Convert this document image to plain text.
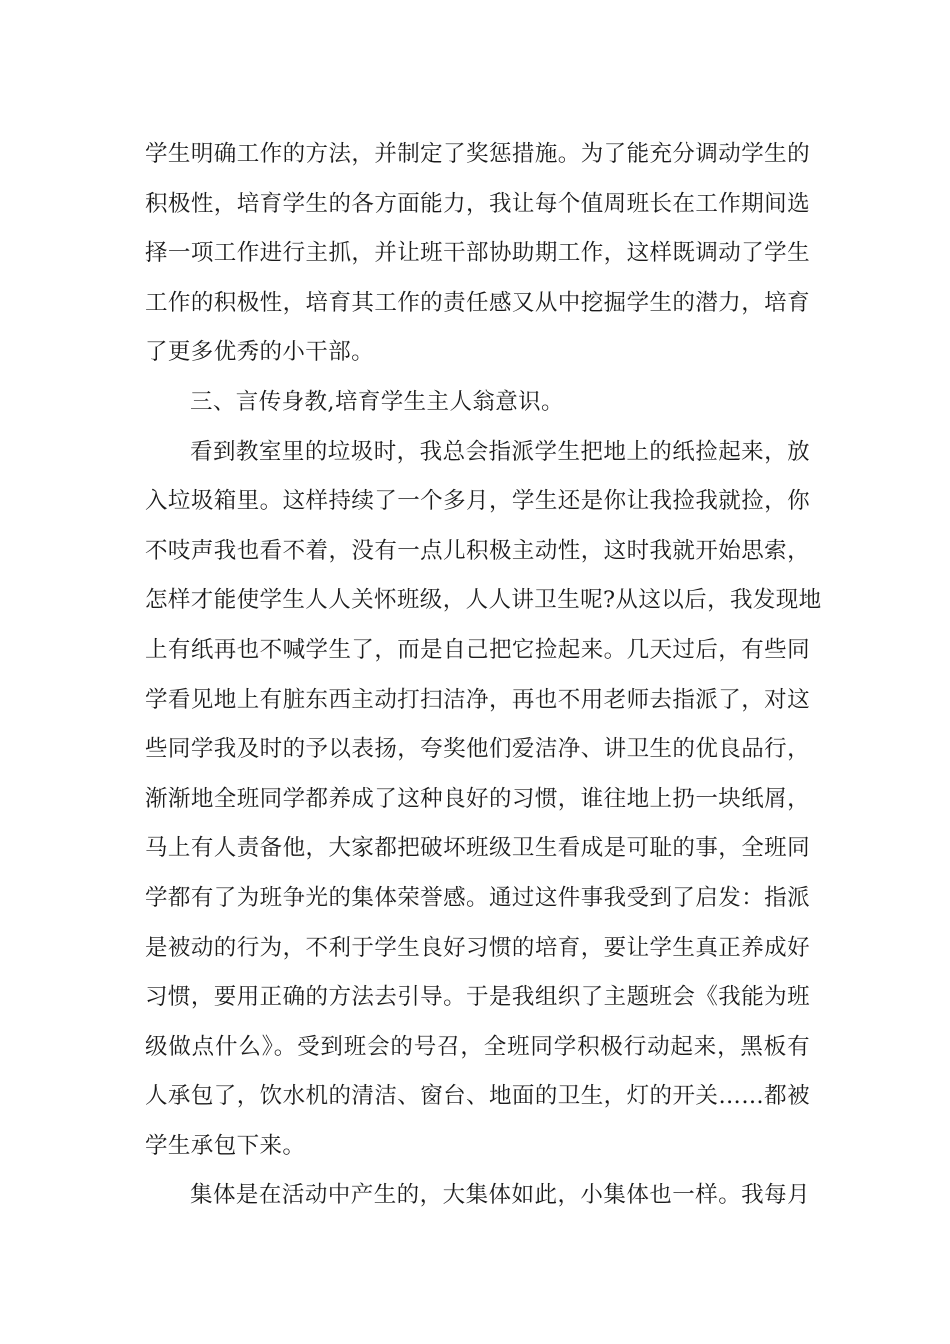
学生明确工作的方法，并制定了奖惩措施。为了能充分调动学生的
积极性，培育学生的各方面能力，我让每个值周班长在工作期间选
择一项工作进行主抓，并让班干部协助期工作，这样既调动了学生
工作的积极性，培育其工作的责任感又从中挖掘学生的潜力，培育
了更多优秀的小干部。
三、言传身教,培育学生主人翁意识。
看到教室里的垃圾时，我总会指派学生把地上的纸捡起来，放
入垃圾箱里。这样持续了一个多月，学生还是你让我捡我就捡，你
不吱声我也看不着，没有一点儿积极主动性，这时我就开始思索，
怎样才能使学生人人关怀班级，人人讲卫生呢?从这以后，我发现地
上有纸再也不喊学生了，而是自己把它捡起来。几天过后，有些同
学看见地上有脏东西主动打扫洁净，再也不用老师去指派了，对这
些同学我及时的予以表扬，夸奖他们爱洁净、讲卫生的优良品行，
渐渐地全班同学都养成了这种良好的习惯，谁往地上扔一块纸屑，
马上有人责备他，大家都把破坏班级卫生看成是可耻的事，全班同
学都有了为班争光的集体荣誉感。通过这件事我受到了启发：指派
是被动的行为，不利于学生良好习惯的培育，要让学生真正养成好
习惯，要用正确的方法去引导。于是我组织了主题班会《我能为班
级做点什么》。受到班会的号召，全班同学积极行动起来，黑板有
人承包了，饮水机的清洁、窗台、地面的卫生，灯的开关……都被
学生承包下来。
集体是在活动中产生的，大集体如此，小集体也一样。我每月
